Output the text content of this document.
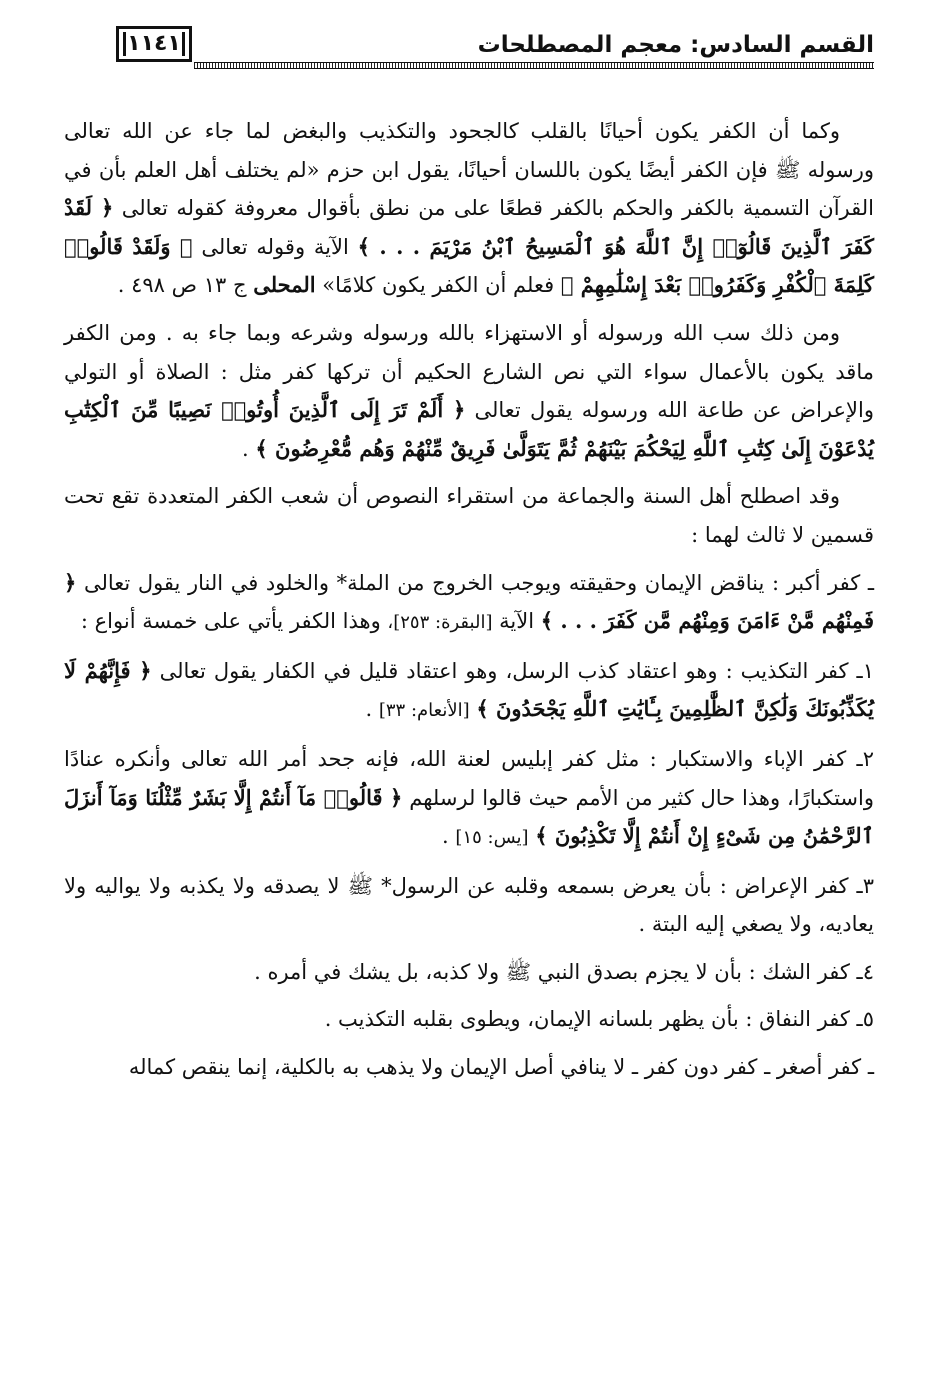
القسم السادس: معجم المصطلحات
١١٤١

وكما أن الكفر يكون أحيانًا بالقلب كالجحود والتكذيب والبغض لما جاء عن الله تعالى ورسوله ﷺ فإن الكفر أيضًا يكون باللسان أحيانًا، يقول ابن حزم «لم يختلف أهل العلم بأن في القرآن التسمية بالكفر والحكم بالكفر قطعًا على من نطق بأقوال معروفة كقوله تعالى ﴿ لَقَدْ كَفَرَ ٱلَّذِينَ قَالُوٓا۟ إِنَّ ٱللَّهَ هُوَ ٱلْمَسِيحُ ٱبْنُ مَرْيَمَ . . . ﴾ الآية وقوله تعالى ﴿ وَلَقَدْ قَالُوا۟ كَلِمَةَ ٱلْكُفْرِ وَكَفَرُوا۟ بَعْدَ إِسْلَٰمِهِمْ ﴾ فعلم أن الكفر يكون كلامًا» المحلى ج ١٣ ص ٤٩٨ .

ومن ذلك سب الله ورسوله أو الاستهزاء بالله ورسوله وشرعه وبما جاء به . ومن الكفر ماقد يكون بالأعمال سواء التي نص الشارع الحكيم أن تركها كفر مثل : الصلاة أو التولي والإعراض عن طاعة الله ورسوله يقول تعالى ﴿ أَلَمْ تَرَ إِلَى ٱلَّذِينَ أُوتُوا۟ نَصِيبًا مِّنَ ٱلْكِتَٰبِ يُدْعَوْنَ إِلَىٰ كِتَٰبِ ٱللَّهِ لِيَحْكُمَ بَيْنَهُمْ ثُمَّ يَتَوَلَّىٰ فَرِيقٌ مِّنْهُمْ وَهُم مُّعْرِضُونَ ﴾ .

وقد اصطلح أهل السنة والجماعة من استقراء النصوص أن شعب الكفر المتعددة تقع تحت قسمين لا ثالث لهما :

ـ كفر أكبر : يناقض الإيمان وحقيقته ويوجب الخروج من الملة* والخلود في النار يقول تعالى ﴿ فَمِنْهُم مَّنْ ءَامَنَ وَمِنْهُم مَّن كَفَرَ . . . ﴾ الآية [البقرة: ٢٥٣]، وهذا الكفر يأتي على خمسة أنواع :

١ـ كفر التكذيب : وهو اعتقاد كذب الرسل، وهو اعتقاد قليل في الكفار يقول تعالى ﴿ فَإِنَّهُمْ لَا يُكَذِّبُونَكَ وَلَٰكِنَّ ٱلظَّٰلِمِينَ بِـَٔايَٰتِ ٱللَّهِ يَجْحَدُونَ ﴾ [الأنعام: ٣٣] .

٢ـ كفر الإباء والاستكبار : مثل كفر إبليس لعنة الله، فإنه جحد أمر الله تعالى وأنكره عنادًا واستكبارًا، وهذا حال كثير من الأمم حيث قالوا لرسلهم ﴿ قَالُوا۟ مَآ أَنتُمْ إِلَّا بَشَرٌ مِّثْلُنَا وَمَآ أَنزَلَ ٱلرَّحْمَٰنُ مِن شَىْءٍ إِنْ أَنتُمْ إِلَّا تَكْذِبُونَ ﴾ [يس: ١٥] .

٣ـ كفر الإعراض : بأن يعرض بسمعه وقلبه عن الرسول* ﷺ لا يصدقه ولا يكذبه ولا يواليه ولا يعاديه، ولا يصغي إليه البتة .

٤ـ كفر الشك : بأن لا يجزم بصدق النبي ﷺ ولا كذبه، بل يشك في أمره .

٥ـ كفر النفاق : بأن يظهر بلسانه الإيمان، ويطوى بقلبه التكذيب .

ـ كفر أصغر ـ كفر دون كفر ـ لا ينافي أصل الإيمان ولا يذهب به بالكلية، إنما ينقص كماله
